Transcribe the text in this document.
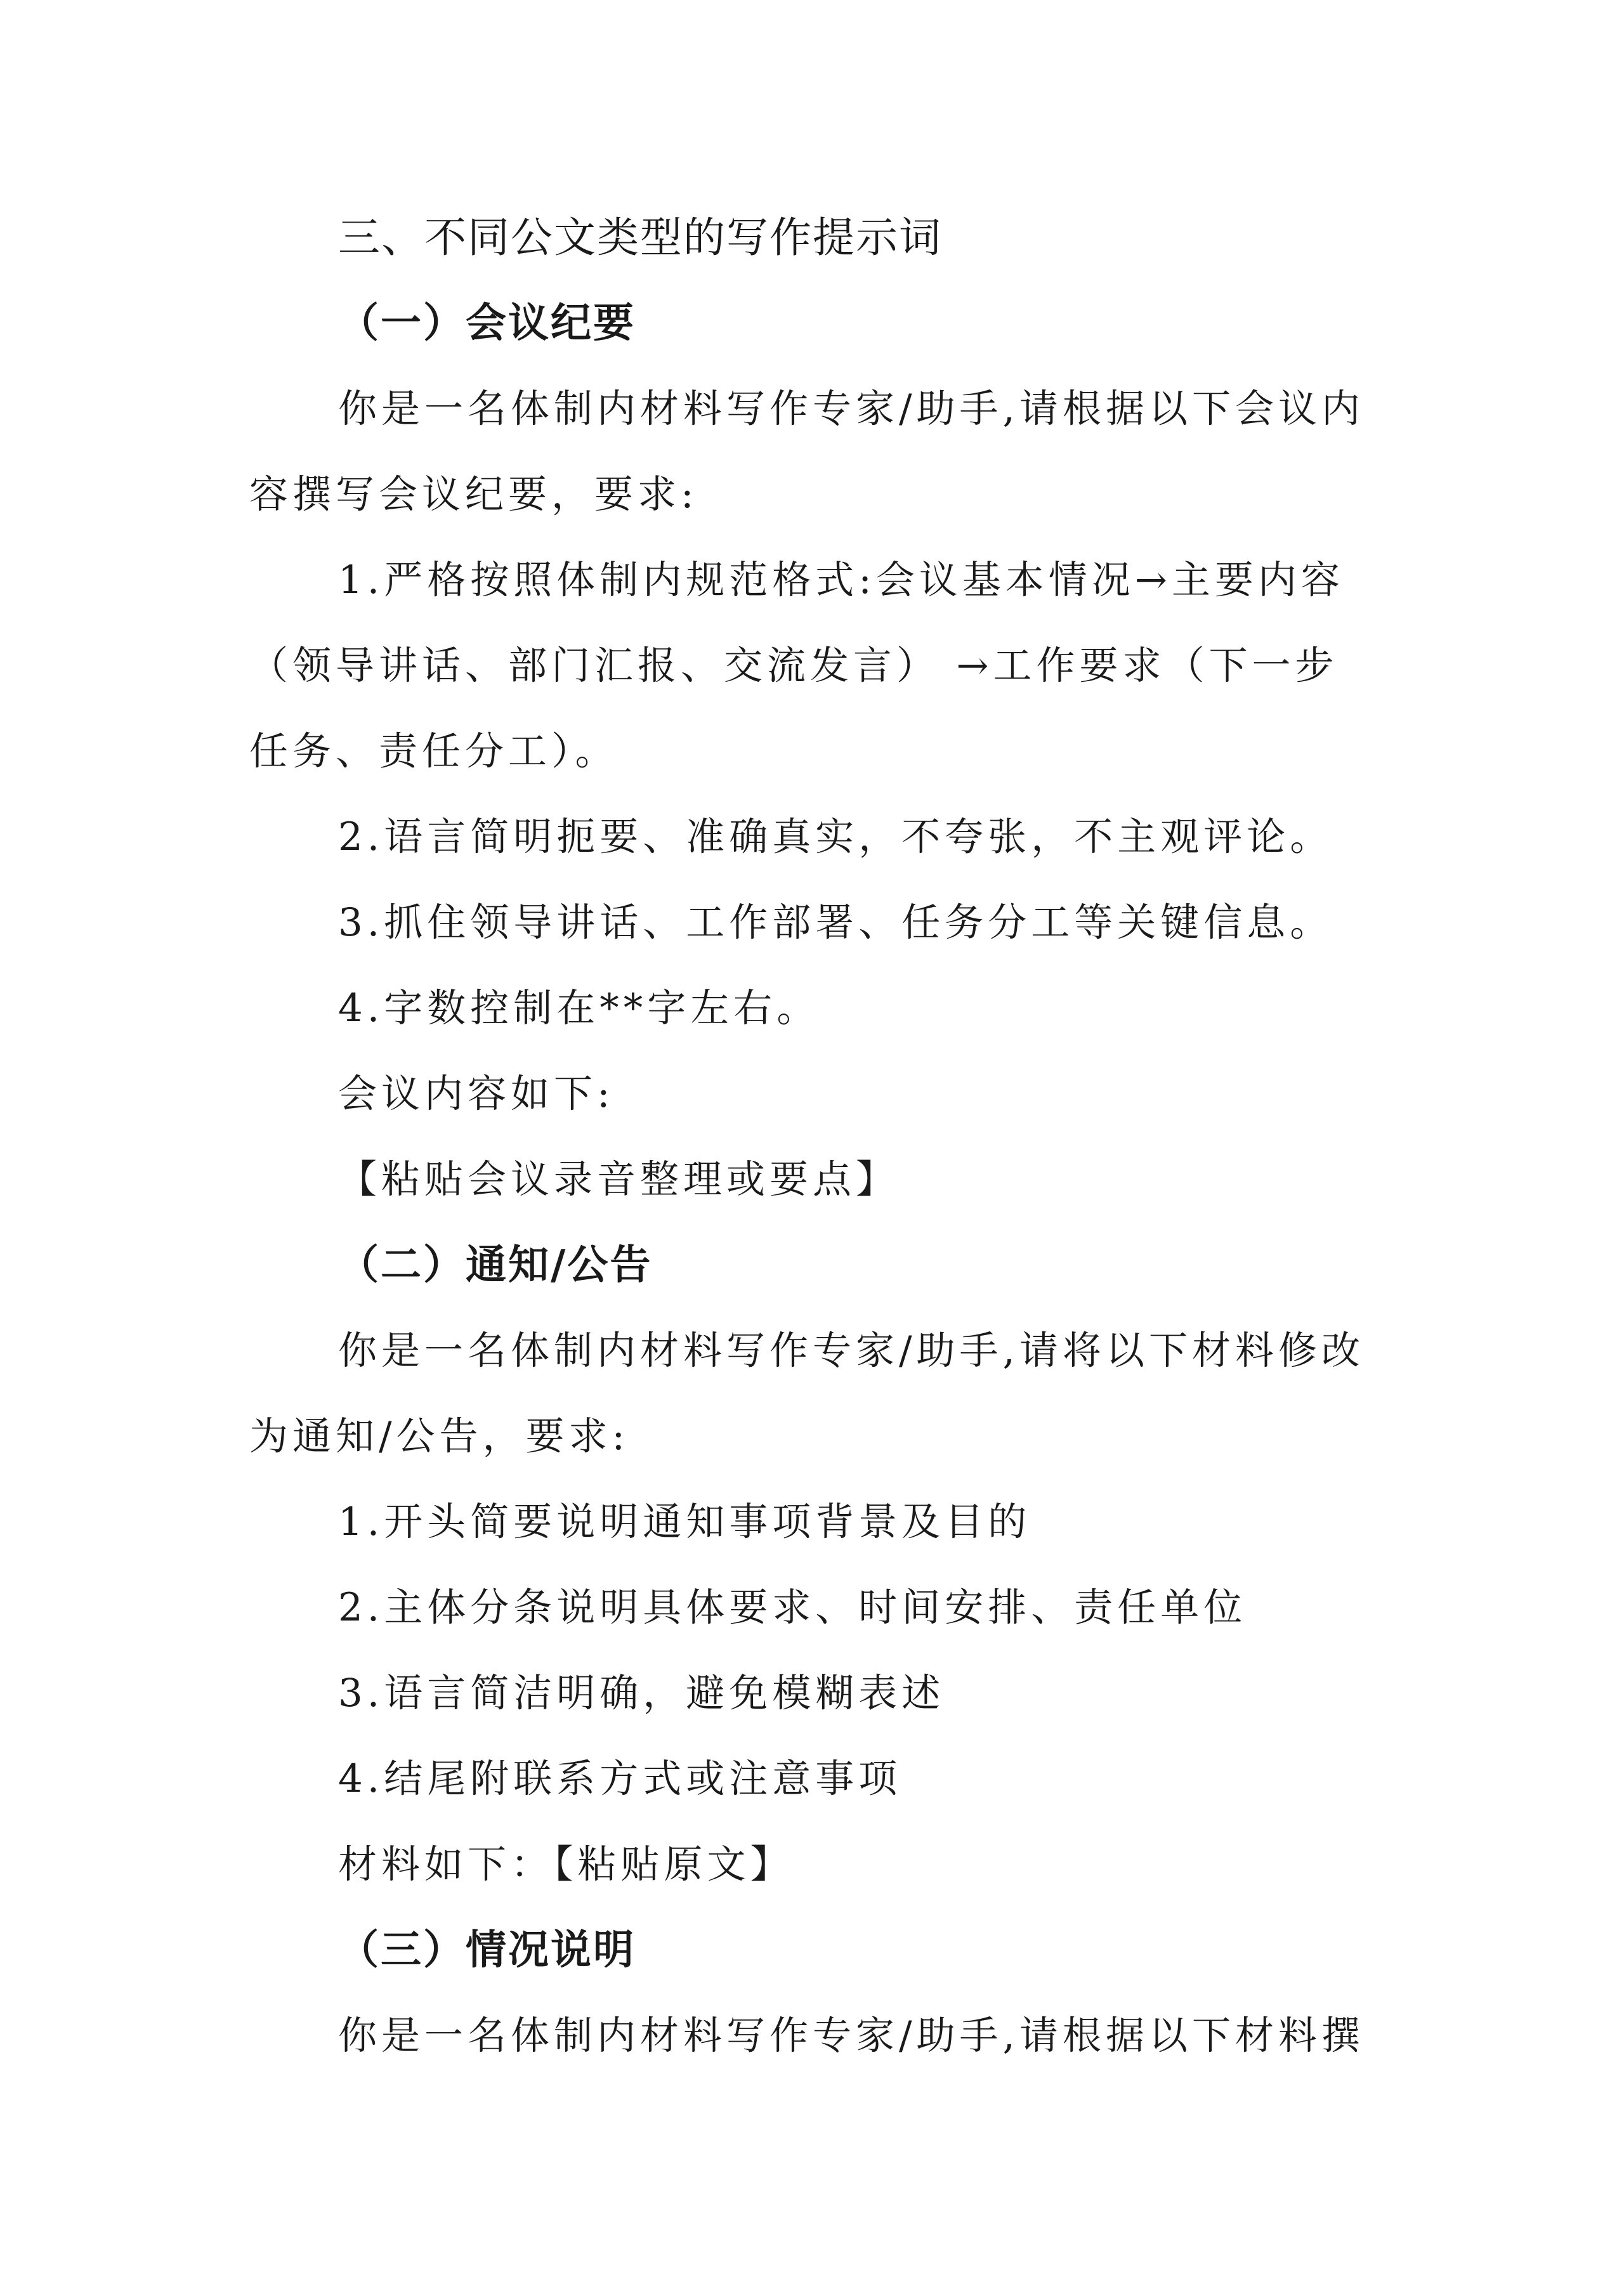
三、不同公文类型的写作提示词
（一）会议纪要
你是一名体制内材料写作专家/助手,请根据以下会议内
容撰写会议纪要，要求:
1.严格按照体制内规范格式:会议基本情况→主要内容
（领导讲话、部门汇报、交流发言） →工作要求（下一步
任务、责任分工）。
2.语言简明扼要、准确真实，不夸张，不主观评论。
3.抓住领导讲话、工作部署、任务分工等关键信息。
4.字数控制在**字左右。
会议内容如下:
【粘贴会议录音整理或要点】
（二）通知/公告
你是一名体制内材料写作专家/助手,请将以下材料修改
为通知/公告，要求:
1.开头简要说明通知事项背景及目的
2.主体分条说明具体要求、时间安排、责任单位
3.语言简洁明确，避免模糊表述
4.结尾附联系方式或注意事项
材料如下：【粘贴原文】
（三）情况说明
你是一名体制内材料写作专家/助手,请根据以下材料撰
